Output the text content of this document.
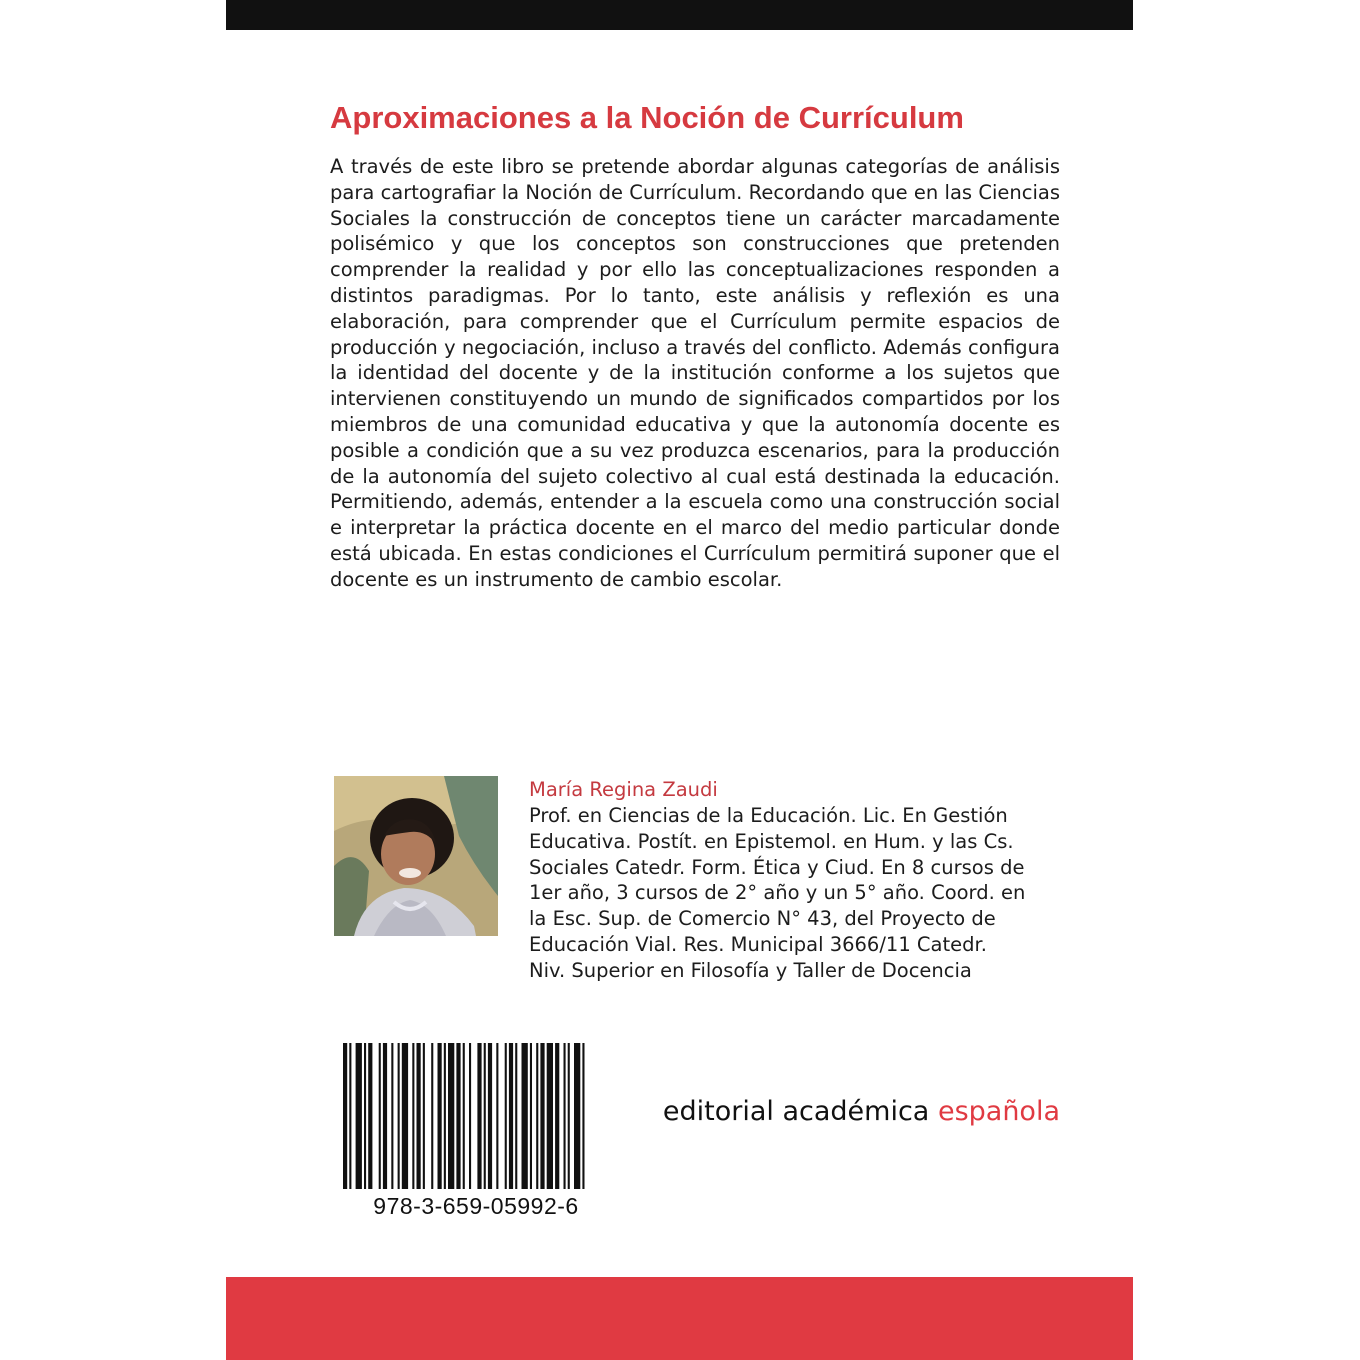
Aproximaciones a la Noción de Currículum

A través de este libro se pretende abordar algunas categorías de análisis para cartografiar la Noción de Currículum. Recordando que en las Ciencias Sociales la construcción de conceptos tiene un carácter marcadamente polisémico y que los conceptos son construcciones que pretenden comprender la realidad y por ello las conceptualizaciones responden a distintos paradigmas. Por lo tanto, este análisis y reflexión es una elaboración, para comprender que el Currículum permite espacios de producción y negociación, incluso a través del conflicto. Además configura la identidad del docente y de la institución conforme a los sujetos que intervienen constituyendo un mundo de significados compartidos por los miembros de una comunidad educativa y que la autonomía docente es posible a condición que a su vez produzca escenarios, para la producción de la autonomía del sujeto colectivo al cual está destinada la educación. Permitiendo, además, entender a la escuela como una construcción social e interpretar la práctica docente en el marco del medio particular donde está ubicada. En estas condiciones el Currículum permitirá suponer que el docente es un instrumento de cambio escolar.

María Regina Zaudi

Prof. en Ciencias de la Educación. Lic. En Gestión
Educativa. Postít. en Epistemol. en Hum. y las Cs.
Sociales Catedr. Form. Ética y Ciud. En 8 cursos de
1er año, 3 cursos de 2° año y un 5° año. Coord. en
la Esc. Sup. de Comercio N° 43, del Proyecto de
Educación Vial. Res. Municipal 3666/11 Catedr.
Niv. Superior en Filosofía y Taller de Docencia

978-3-659-05992-6

editorial académica española
